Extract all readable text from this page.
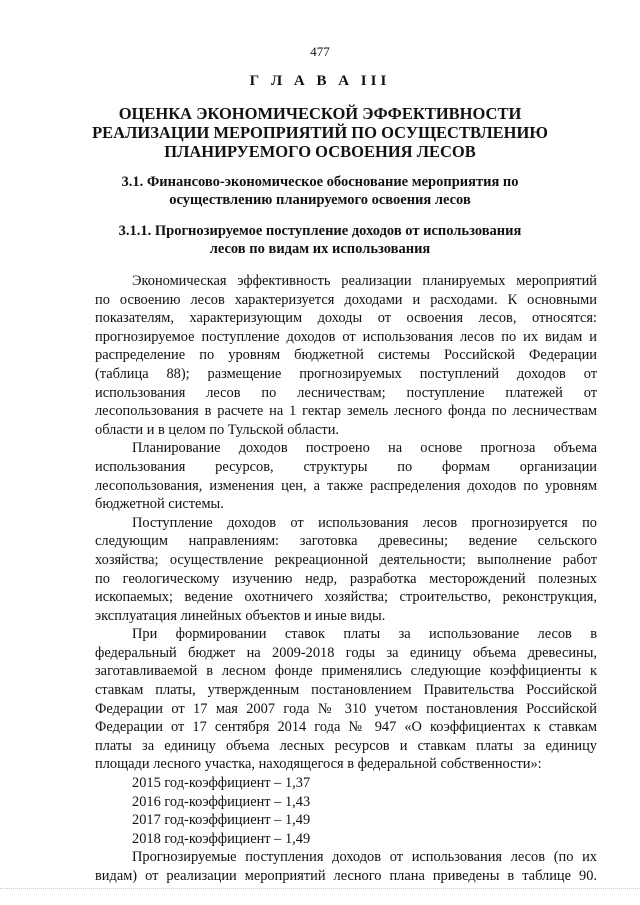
477
Г Л А В А III
ОЦЕНКА ЭКОНОМИЧЕСКОЙ ЭФФЕКТИВНОСТИ
РЕАЛИЗАЦИИ МЕРОПРИЯТИЙ ПО ОСУЩЕСТВЛЕНИЮ
ПЛАНИРУЕМОГО ОСВОЕНИЯ ЛЕСОВ
3.1. Финансово-экономическое обоснование мероприятия по
осуществлению планируемого освоения лесов
3.1.1. Прогнозируемое поступление доходов от использования
лесов по видам их использования
Экономическая эффективность реализации планируемых мероприятий
по освоению лесов характеризуется доходами и расходами. К основными
показателям, характеризующим доходы от освоения лесов, относятся:
прогнозируемое поступление доходов от использования лесов по их видам и
распределение по уровням бюджетной системы Российской Федерации
(таблица 88); размещение прогнозируемых поступлений доходов от
использования лесов по лесничествам; поступление платежей от
лесопользования в расчете на 1 гектар земель лесного фонда по лесничествам
области и в целом по Тульской области.
Планирование доходов построено на основе прогноза объема
использования ресурсов, структуры по формам организации
лесопользования, изменения цен, а также распределения доходов по уровням
бюджетной системы.
Поступление доходов от использования лесов прогнозируется по
следующим направлениям: заготовка древесины; ведение сельского
хозяйства; осуществление рекреационной деятельности; выполнение работ
по геологическому изучению недр, разработка месторождений полезных
ископаемых; ведение охотничего хозяйства; строительство, реконструкция,
эксплуатация линейных объектов и иные виды.
При формировании ставок платы за использование лесов в
федеральный бюджет на 2009-2018 годы за единицу объема древесины,
заготавливаемой в лесном фонде применялись следующие коэффициенты к
ставкам платы, утвержденным постановлением Правительства Российской
Федерации от 17 мая 2007 года № 310 учетом постановления Российской
Федерации от 17 сентября 2014 года № 947 «О коэффициентах к ставкам
платы за единицу объема лесных ресурсов и ставкам платы за единицу
площади лесного участка, находящегося в федеральной собственности»:
2015 год-коэффициент – 1,37
2016 год-коэффициент – 1,43
2017 год-коэффициент – 1,49
2018 год-коэффициент – 1,49
Прогнозируемые поступления доходов от использования лесов (по их
видам) от реализации мероприятий лесного плана приведены в таблице 90.
